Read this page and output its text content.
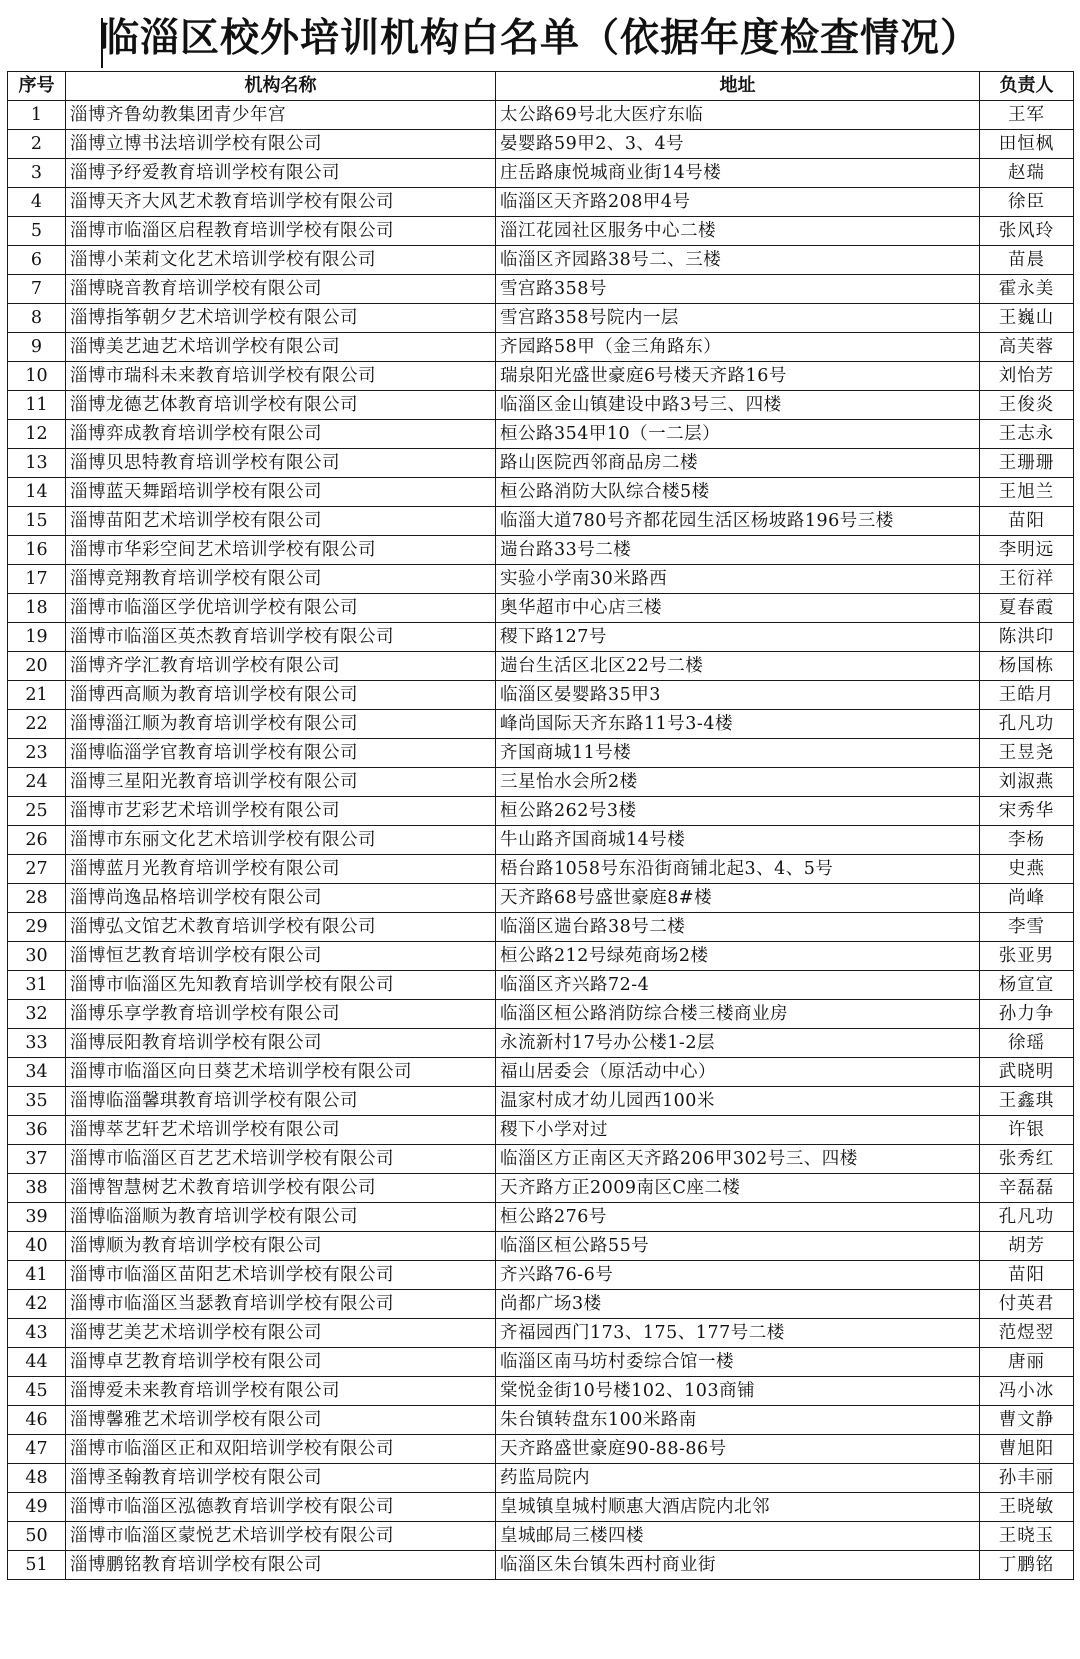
临淄区校外培训机构白名单（依据年度检查情况）
序号	机构名称	地址	负责人
1	淄博齐鲁幼教集团青少年宫	太公路69号北大医疗东临	王军
2	淄博立博书法培训学校有限公司	晏婴路59甲2、3、4号	田恒枫
3	淄博予纾爱教育培训学校有限公司	庄岳路康悦城商业街14号楼	赵瑞
4	淄博天齐大风艺术教育培训学校有限公司	临淄区天齐路208甲4号	徐臣
5	淄博市临淄区启程教育培训学校有限公司	淄江花园社区服务中心二楼	张风玲
6	淄博小茉莉文化艺术培训学校有限公司	临淄区齐园路38号二、三楼	苗晨
7	淄博晓音教育培训学校有限公司	雪宫路358号	霍永美
8	淄博指筝朝夕艺术培训学校有限公司	雪宫路358号院内一层	王巍山
9	淄博美艺迪艺术培训学校有限公司	齐园路58甲（金三角路东）	高芙蓉
10	淄博市瑞科未来教育培训学校有限公司	瑞泉阳光盛世豪庭6号楼天齐路16号	刘怡芳
11	淄博龙德艺体教育培训学校有限公司	临淄区金山镇建设中路3号三、四楼	王俊炎
12	淄博弈成教育培训学校有限公司	桓公路354甲10（一二层）	王志永
13	淄博贝思特教育培训学校有限公司	路山医院西邻商品房二楼	王珊珊
14	淄博蓝天舞蹈培训学校有限公司	桓公路消防大队综合楼5楼	王旭兰
15	淄博苗阳艺术培训学校有限公司	临淄大道780号齐都花园生活区杨坡路196号三楼	苗阳
16	淄博市华彩空间艺术培训学校有限公司	遄台路33号二楼	李明远
17	淄博竞翔教育培训学校有限公司	实验小学南30米路西	王衍祥
18	淄博市临淄区学优培训学校有限公司	奥华超市中心店三楼	夏春霞
19	淄博市临淄区英杰教育培训学校有限公司	稷下路127号	陈洪印
20	淄博齐学汇教育培训学校有限公司	遄台生活区北区22号二楼	杨国栋
21	淄博西高顺为教育培训学校有限公司	临淄区晏婴路35甲3	王皓月
22	淄博淄江顺为教育培训学校有限公司	峰尚国际天齐东路11号3-4楼	孔凡功
23	淄博临淄学官教育培训学校有限公司	齐国商城11号楼	王昱尧
24	淄博三星阳光教育培训学校有限公司	三星怡水会所2楼	刘淑燕
25	淄博市艺彩艺术培训学校有限公司	桓公路262号3楼	宋秀华
26	淄博市东丽文化艺术培训学校有限公司	牛山路齐国商城14号楼	李杨
27	淄博蓝月光教育培训学校有限公司	梧台路1058号东沿街商铺北起3、4、5号	史燕
28	淄博尚逸品格培训学校有限公司	天齐路68号盛世豪庭8#楼	尚峰
29	淄博弘文馆艺术教育培训学校有限公司	临淄区遄台路38号二楼	李雪
30	淄博恒艺教育培训学校有限公司	桓公路212号绿苑商场2楼	张亚男
31	淄博市临淄区先知教育培训学校有限公司	临淄区齐兴路72-4	杨宣宣
32	淄博乐享学教育培训学校有限公司	临淄区桓公路消防综合楼三楼商业房	孙力争
33	淄博辰阳教育培训学校有限公司	永流新村17号办公楼1-2层	徐瑶
34	淄博市临淄区向日葵艺术培训学校有限公司	福山居委会（原活动中心）	武晓明
35	淄博临淄馨琪教育培训学校有限公司	温家村成才幼儿园西100米	王鑫琪
36	淄博萃艺轩艺术培训学校有限公司	稷下小学对过	许银
37	淄博市临淄区百艺艺术培训学校有限公司	临淄区方正南区天齐路206甲302号三、四楼	张秀红
38	淄博智慧树艺术教育培训学校有限公司	天齐路方正2009南区C座二楼	辛磊磊
39	淄博临淄顺为教育培训学校有限公司	桓公路276号	孔凡功
40	淄博顺为教育培训学校有限公司	临淄区桓公路55号	胡芳
41	淄博市临淄区苗阳艺术培训学校有限公司	齐兴路76-6号	苗阳
42	淄博市临淄区当瑟教育培训学校有限公司	尚都广场3楼	付英君
43	淄博艺美艺术培训学校有限公司	齐福园西门173、175、177号二楼	范煜翌
44	淄博卓艺教育培训学校有限公司	临淄区南马坊村委综合馆一楼	唐丽
45	淄博爱未来教育培训学校有限公司	棠悦金街10号楼102、103商铺	冯小冰
46	淄博馨雅艺术培训学校有限公司	朱台镇转盘东100米路南	曹文静
47	淄博市临淄区正和双阳培训学校有限公司	天齐路盛世豪庭90-88-86号	曹旭阳
48	淄博圣翰教育培训学校有限公司	药监局院内	孙丰丽
49	淄博市临淄区泓德教育培训学校有限公司	皇城镇皇城村顺惠大酒店院内北邻	王晓敏
50	淄博市临淄区蒙悦艺术培训学校有限公司	皇城邮局三楼四楼	王晓玉
51	淄博鹏铭教育培训学校有限公司	临淄区朱台镇朱西村商业街	丁鹏铭
